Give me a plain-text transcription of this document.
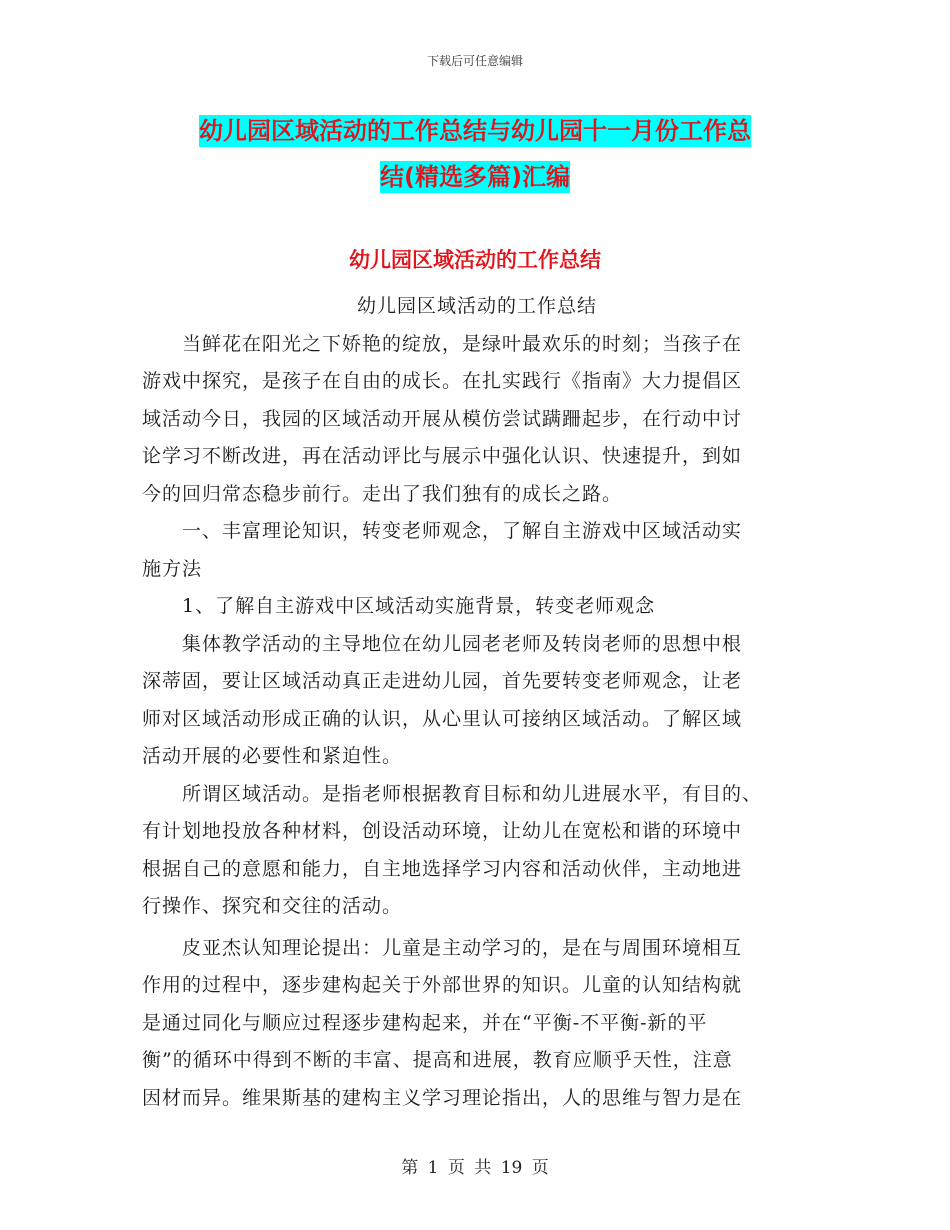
下载后可任意编辑
幼儿园区域活动的工作总结与幼儿园十一月份工作总
结(精选多篇)汇编
幼儿园区域活动的工作总结

幼儿园区域活动的工作总结

　　当鲜花在阳光之下娇艳的绽放，是绿叶最欢乐的时刻；当孩子在

游戏中探究，是孩子在自由的成长。在扎实践行《指南》大力提倡区

域活动今日，我园的区域活动开展从模仿尝试蹒跚起步，在行动中讨

论学习不断改进，再在活动评比与展示中强化认识、快速提升，到如

今的回归常态稳步前行。走出了我们独有的成长之路。

　　一、丰富理论知识，转变老师观念，了解自主游戏中区域活动实

施方法

　　1、了解自主游戏中区域活动实施背景，转变老师观念

　　集体教学活动的主导地位在幼儿园老老师及转岗老师的思想中根

深蒂固，要让区域活动真正走进幼儿园，首先要转变老师观念，让老

师对区域活动形成正确的认识，从心里认可接纳区域活动。了解区域

活动开展的必要性和紧迫性。

　　所谓区域活动。是指老师根据教育目标和幼儿进展水平，有目的、

有计划地投放各种材料，创设活动环境，让幼儿在宽松和谐的环境中

根据自己的意愿和能力，自主地选择学习内容和活动伙伴，主动地进

行操作、探究和交往的活动。

　　皮亚杰认知理论提出：儿童是主动学习的，是在与周围环境相互

作用的过程中，逐步建构起关于外部世界的知识。儿童的认知结构就

是通过同化与顺应过程逐步建构起来，并在“平衡-不平衡-新的平

衡”的循环中得到不断的丰富、提高和进展，教育应顺乎天性，注意

因材而异。维果斯基的建构主义学习理论指出，人的思维与智力是在

第 1 页 共 19 页
